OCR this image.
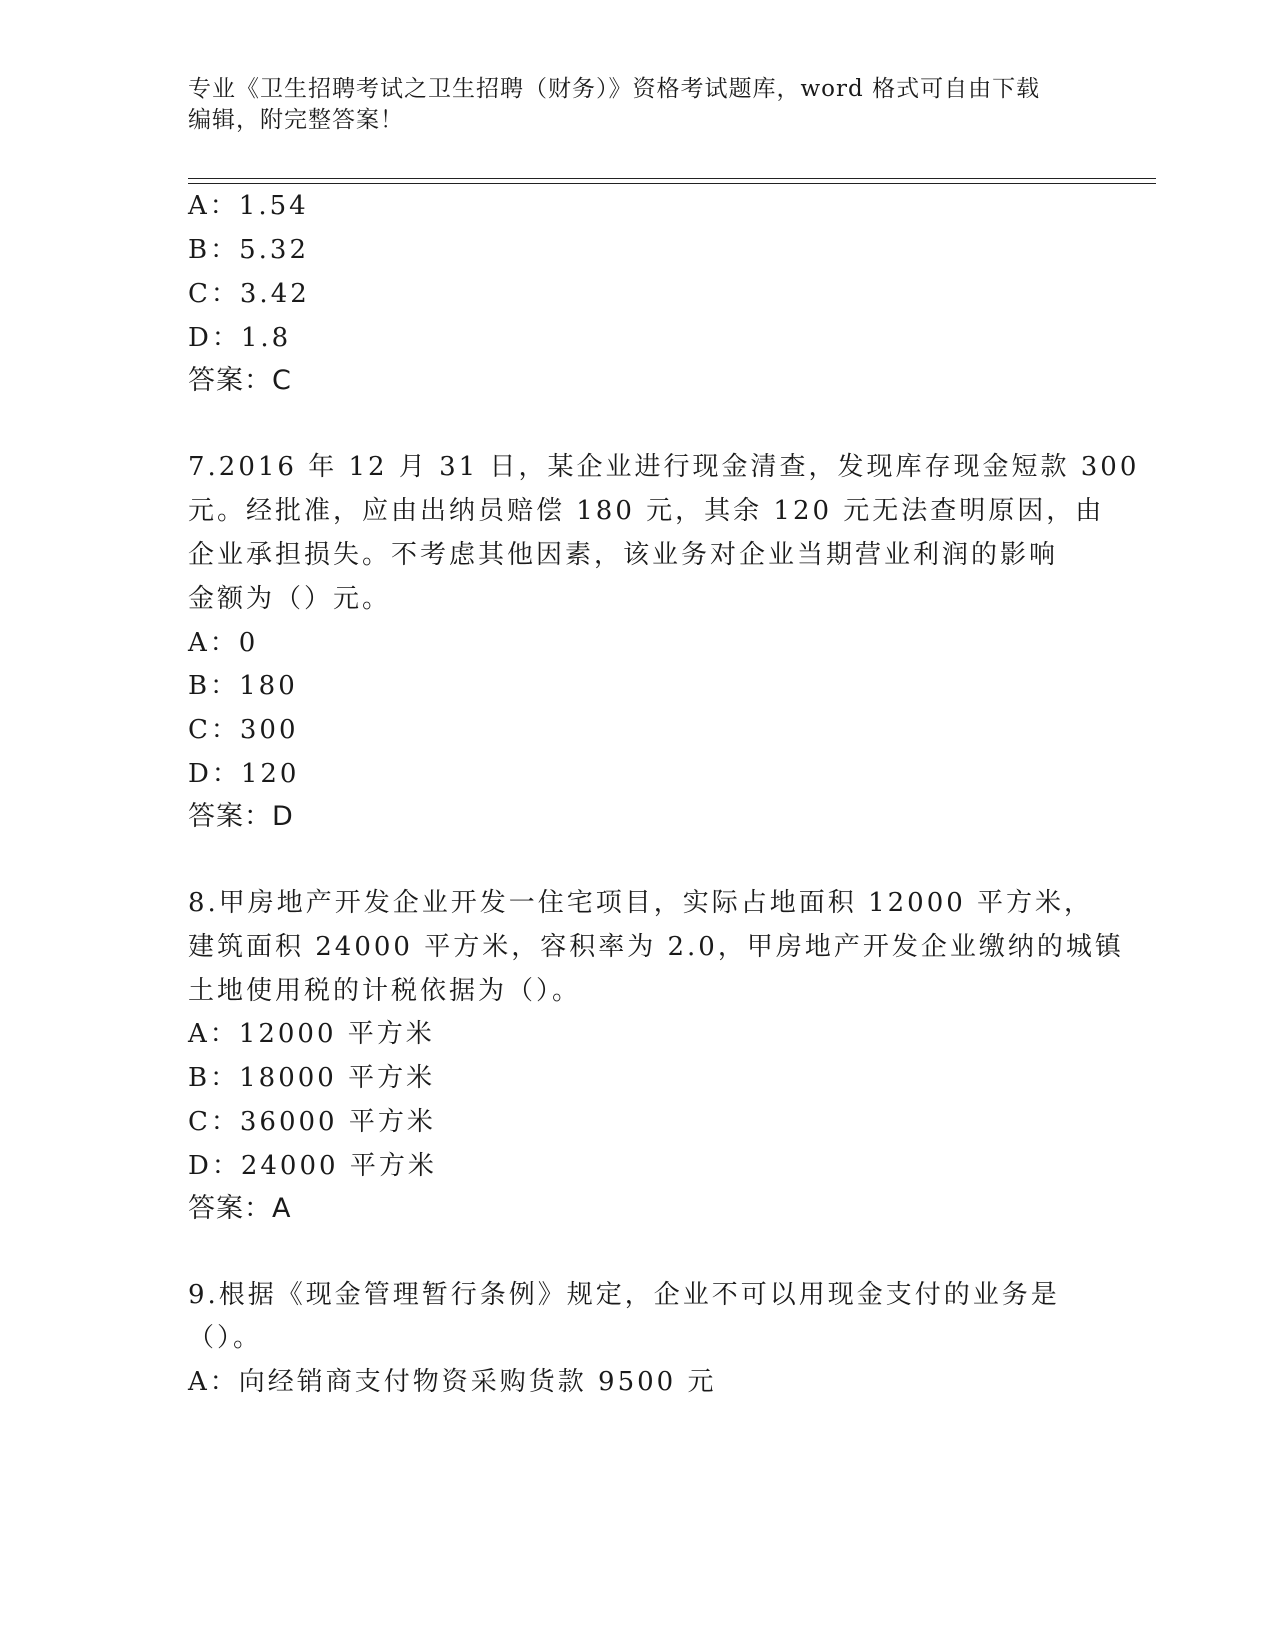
专业《卫生招聘考试之卫生招聘（财务）》资格考试题库，word 格式可自由下载
编辑，附完整答案！
A：1.54
B：5.32
C：3.42
D：1.8
答案：C
7.2016 年 12 月 31 日，某企业进行现金清查，发现库存现金短款 300
元。经批准，应由出纳员赔偿 180 元，其余 120 元无法查明原因，由
企业承担损失。不考虑其他因素，该业务对企业当期营业利润的影响
金额为（）元。
A：0
B：180
C：300
D：120
答案：D
8.甲房地产开发企业开发一住宅项目，实际占地面积 12000 平方米，
建筑面积 24000 平方米，容积率为 2.0，甲房地产开发企业缴纳的城镇
土地使用税的计税依据为（）。
A：12000 平方米
B：18000 平方米
C：36000 平方米
D：24000 平方米
答案：A
9.根据《现金管理暂行条例》规定，企业不可以用现金支付的业务是
（）。
A：向经销商支付物资采购货款 9500 元
